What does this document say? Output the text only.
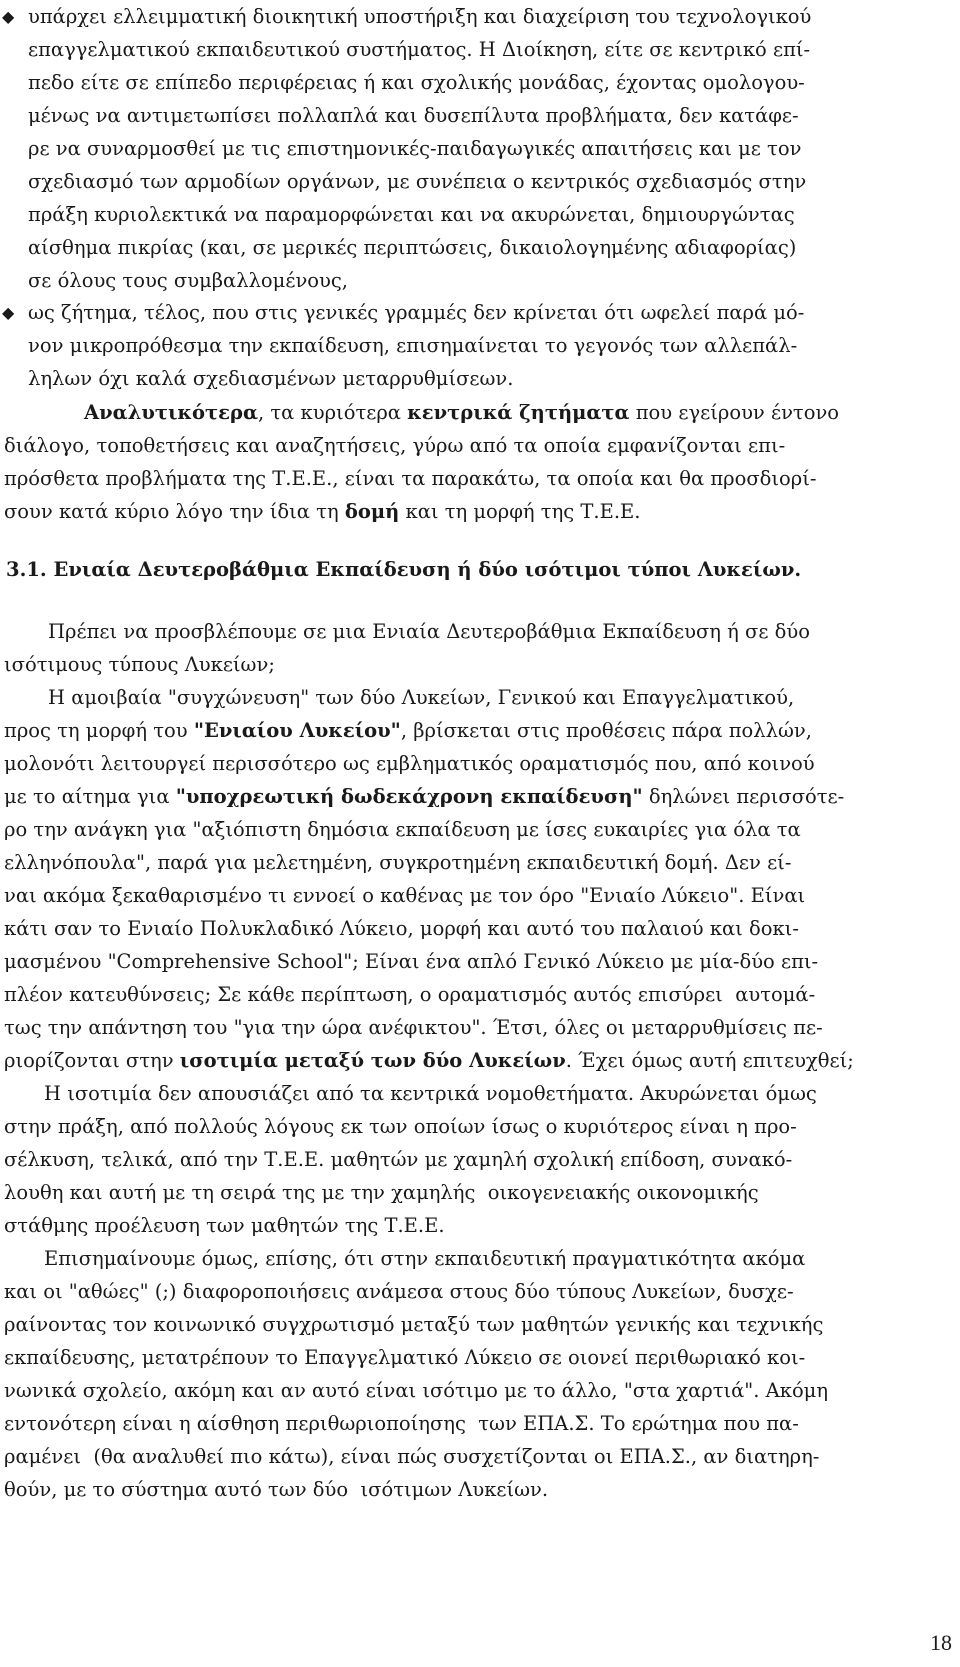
◆ υπάρχει ελλειμματική διοικητική υποστήριξη και διαχείριση του τεχνολογικού
επαγγελματικού εκπαιδευτικού συστήματος. Η Διοίκηση, είτε σε κεντρικό επί-
πεδο είτε σε επίπεδο περιφέρειας ή και σχολικής μονάδας, έχοντας ομολογου-
μένως να αντιμετωπίσει πολλαπλά και δυσεπίλυτα προβλήματα, δεν κατάφε-
ρε να συναρμοσθεί με τις επιστημονικές-παιδαγωγικές απαιτήσεις και με τον
σχεδιασμό των αρμοδίων οργάνων, με συνέπεια ο κεντρικός σχεδιασμός στην
πράξη κυριολεκτικά να παραμορφώνεται και να ακυρώνεται, δημιουργώντας
αίσθημα πικρίας (και, σε μερικές περιπτώσεις, δικαιολογημένης αδιαφορίας)
σε όλους τους συμβαλλομένους,
◆ ως ζήτημα, τέλος, που στις γενικές γραμμές δεν κρίνεται ότι ωφελεί παρά μό-
νον μικροπρόθεσμα την εκπαίδευση, επισημαίνεται το γεγονός των αλλεπάλ-
ληλων όχι καλά σχεδιασμένων μεταρρυθμίσεων.
Αναλυτικότερα, τα κυριότερα κεντρικά ζητήματα που εγείρουν έντονο
διάλογο, τοποθετήσεις και αναζητήσεις, γύρω από τα οποία εμφανίζονται επι-
πρόσθετα προβλήματα της Τ.Ε.Ε., είναι τα παρακάτω, τα οποία και θα προσδιορί-
σουν κατά κύριο λόγο την ίδια τη δομή και τη μορφή της Τ.Ε.Ε.
3.1. Ενιαία Δευτεροβάθμια Εκπαίδευση ή δύο ισότιμοι τύποι Λυκείων.
Πρέπει να προσβλέπουμε σε μια Ενιαία Δευτεροβάθμια Εκπαίδευση ή σε δύο
ισότιμους τύπους Λυκείων;
Η αμοιβαία "συγχώνευση" των δύο Λυκείων, Γενικού και Επαγγελματικού,
προς τη μορφή του "Ενιαίου Λυκείου", βρίσκεται στις προθέσεις πάρα πολλών,
μολονότι λειτουργεί περισσότερο ως εμβληματικός οραματισμός που, από κοινού
με το αίτημα για "υποχρεωτική δωδεκάχρονη εκπαίδευση" δηλώνει περισσότε-
ρο την ανάγκη για "αξιόπιστη δημόσια εκπαίδευση με ίσες ευκαιρίες για όλα τα
ελληνόπουλα", παρά για μελετημένη, συγκροτημένη εκπαιδευτική δομή. Δεν εί-
ναι ακόμα ξεκαθαρισμένο τι εννοεί ο καθένας με τον όρο "Ενιαίο Λύκειο". Είναι
κάτι σαν το Ενιαίο Πολυκλαδικό Λύκειο, μορφή και αυτό του παλαιού και δοκι-
μασμένου "Comprehensive School"; Είναι ένα απλό Γενικό Λύκειο με μία-δύο επι-
πλέον κατευθύνσεις; Σε κάθε περίπτωση, ο οραματισμός αυτός επισύρει  αυτομά-
τως την απάντηση του "για την ώρα ανέφικτου". Έτσι, όλες οι μεταρρυθμίσεις πε-
ριορίζονται στην ισοτιμία μεταξύ των δύο Λυκείων. Έχει όμως αυτή επιτευχθεί;
Η ισοτιμία δεν απουσιάζει από τα κεντρικά νομοθετήματα. Ακυρώνεται όμως
στην πράξη, από πολλούς λόγους εκ των οποίων ίσως ο κυριότερος είναι η προ-
σέλκυση, τελικά, από την Τ.Ε.Ε. μαθητών με χαμηλή σχολική επίδοση, συνακό-
λουθη και αυτή με τη σειρά της με την χαμηλής  οικογενειακής οικονομικής
στάθμης προέλευση των μαθητών της Τ.Ε.Ε.
Επισημαίνουμε όμως, επίσης, ότι στην εκπαιδευτική πραγματικότητα ακόμα
και οι "αθώες" (;) διαφοροποιήσεις ανάμεσα στους δύο τύπους Λυκείων, δυσχε-
ραίνοντας τον κοινωνικό συγχρωτισμό μεταξύ των μαθητών γενικής και τεχνικής
εκπαίδευσης, μετατρέπουν το Επαγγελματικό Λύκειο σε οιονεί περιθωριακό κοι-
νωνικά σχολείο, ακόμη και αν αυτό είναι ισότιμο με το άλλο, "στα χαρτιά". Ακόμη
εντονότερη είναι η αίσθηση περιθωριοποίησης  των ΕΠΑ.Σ. Το ερώτημα που πα-
ραμένει  (θα αναλυθεί πιο κάτω), είναι πώς συσχετίζονται οι ΕΠΑ.Σ., αν διατηρη-
θούν, με το σύστημα αυτό των δύο  ισότιμων Λυκείων.
18
